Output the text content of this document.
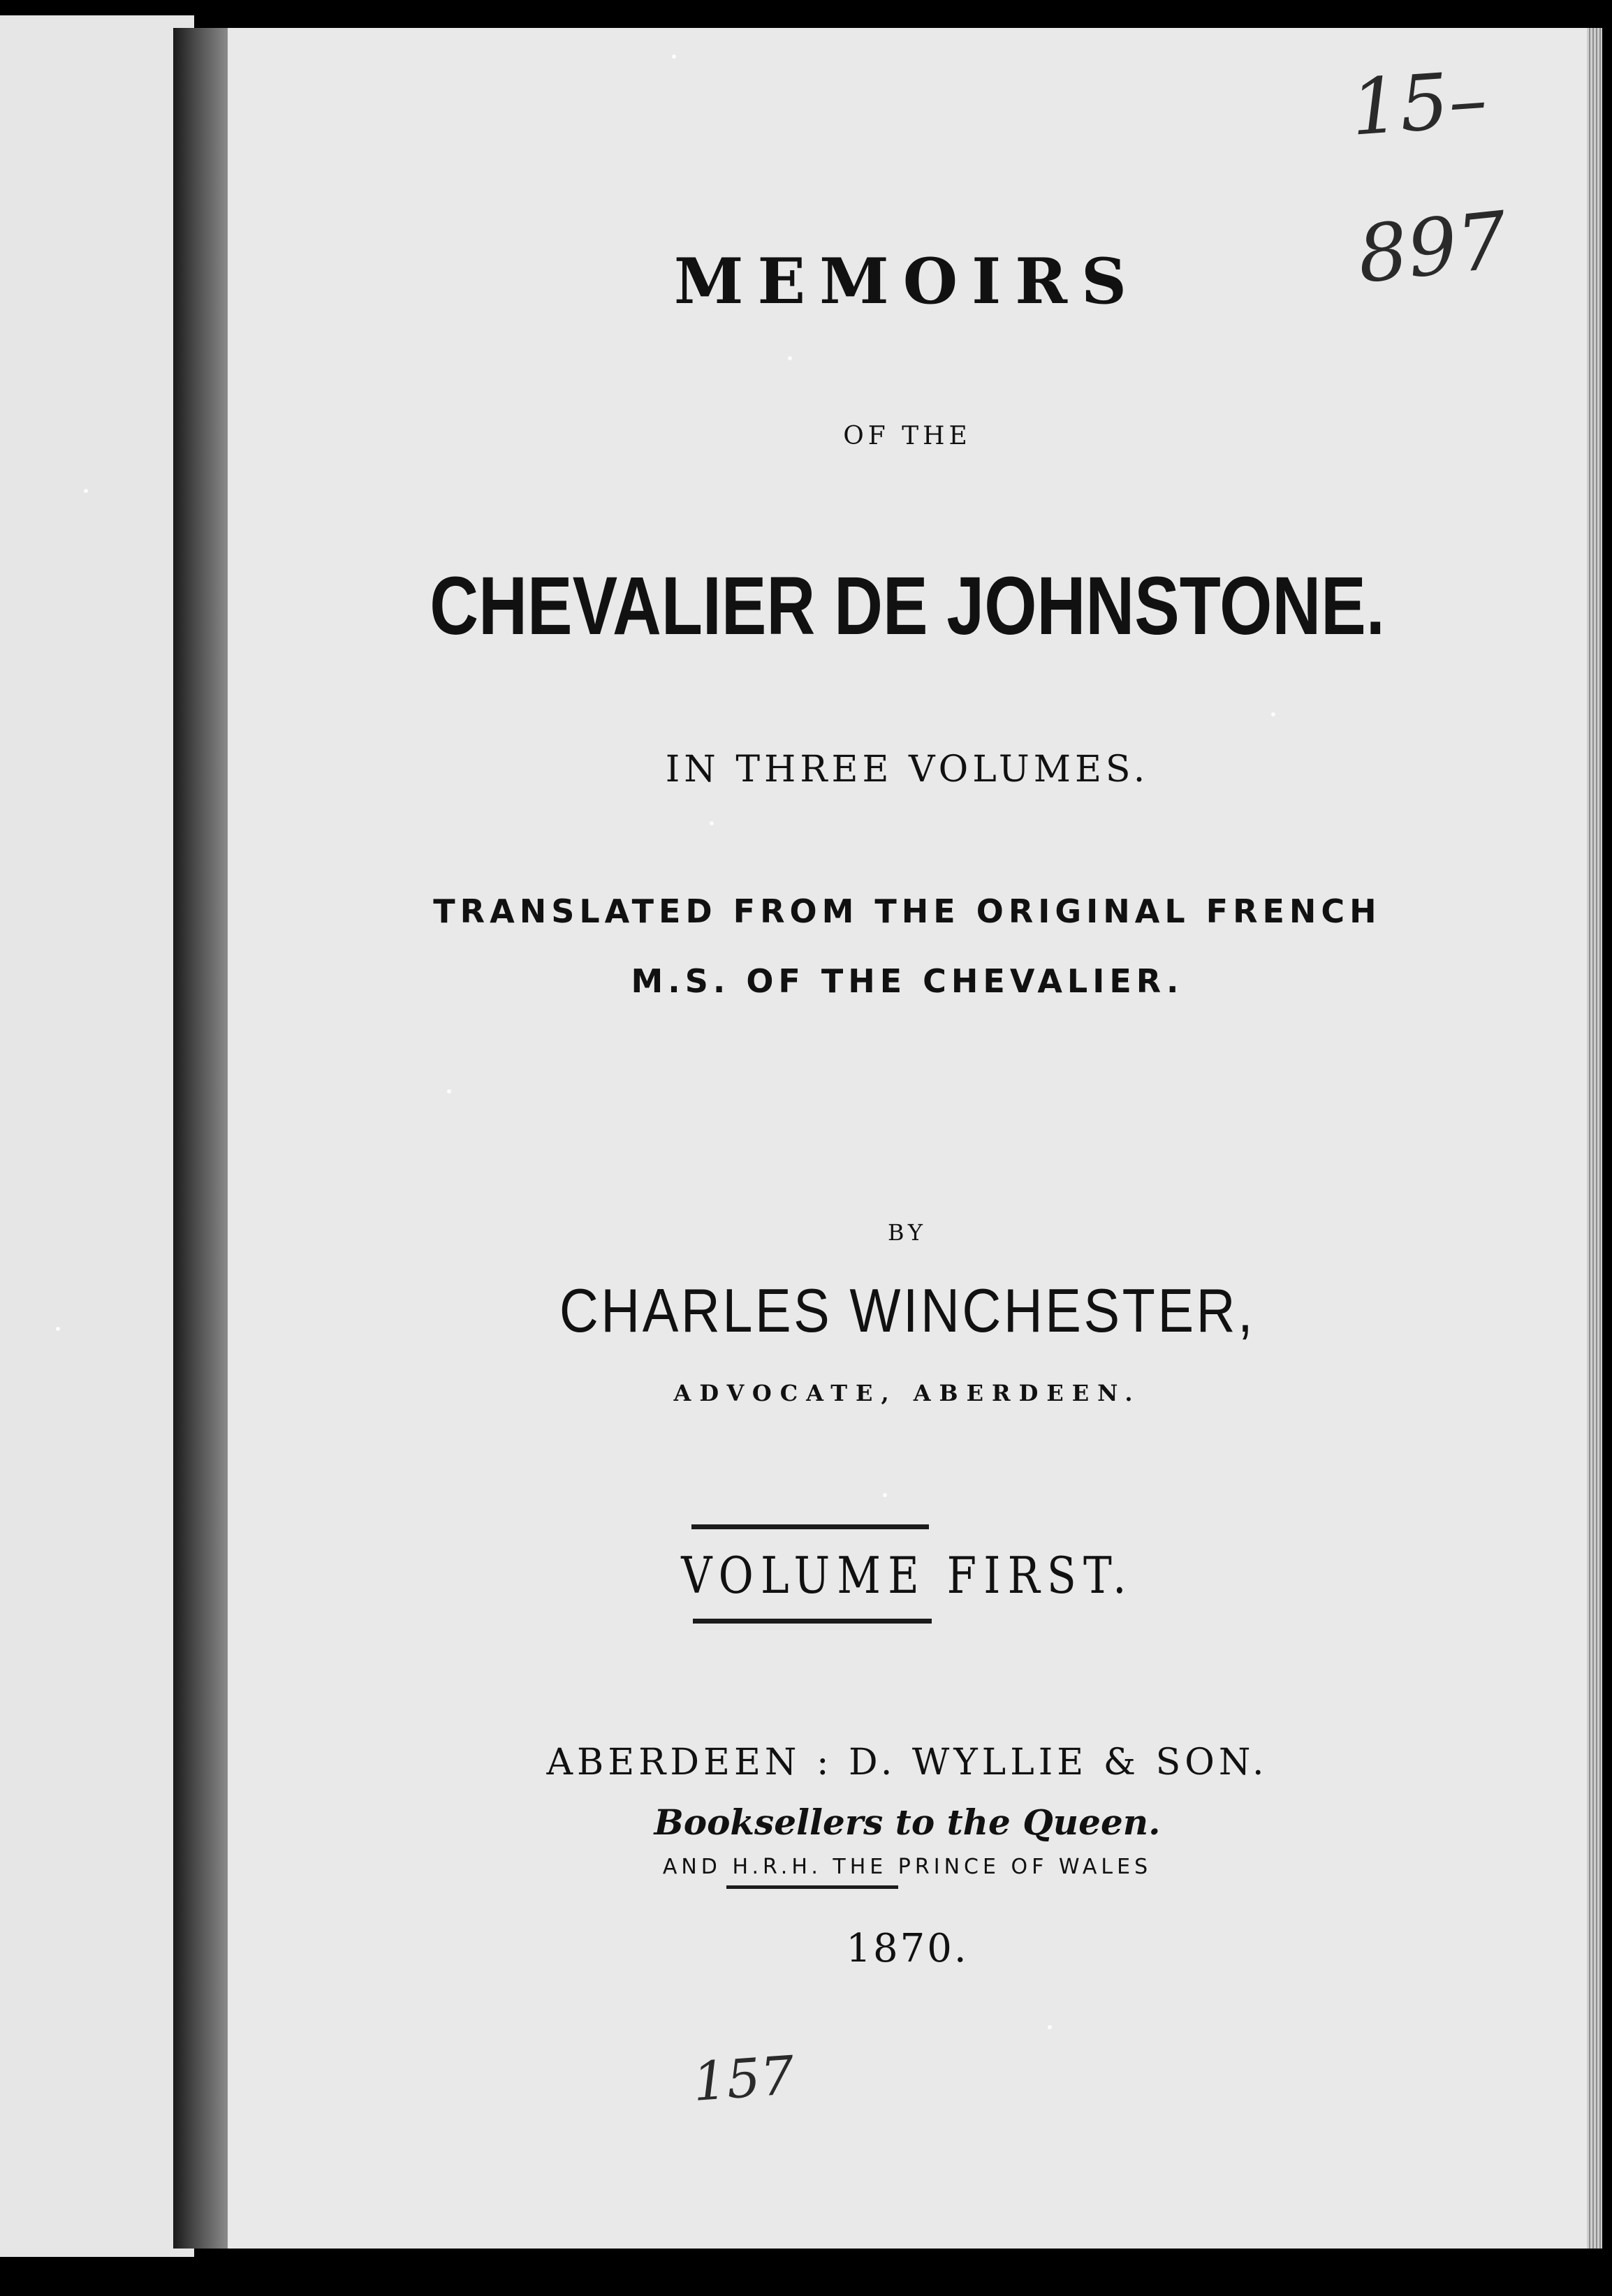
MEMOIRS
OF THE
CHEVALIER DE JOHNSTONE.
IN THREE VOLUMES.
TRANSLATED FROM THE ORIGINAL FRENCH
M.S. OF THE CHEVALIER.
BY
CHARLES WINCHESTER,
ADVOCATE, ABERDEEN.
VOLUME FIRST.
ABERDEEN : D. WYLLIE & SON.
Booksellers to the Queen.
AND H.R.H. THE PRINCE OF WALES
1870.
15–
897
157
